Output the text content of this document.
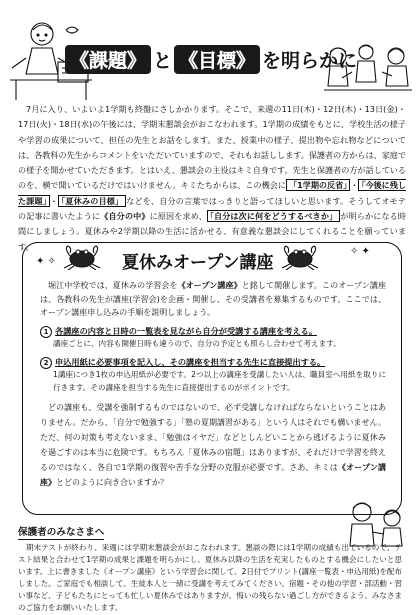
《課題》 と 《目標》 を明らかに

7月に入り、いよいよ1学期も終盤にさしかかります。そこで、来週の11日(木)・12日(木)・13日(金)・17日(火)・18日(水)の午後には、学期末懇談会がおこなわれます。1学期の成績をもとに、学校生活の様子や学習の成果について、担任の先生とお話をします。また、授業中の様子、提出物や忘れ物などについては、各教科の先生からコメントをいただいていますので、それもお話しします。保護者の方からは、家庭での様子を聞かせていただきます。とはいえ、懇談会の主役はキミ自身です。先生と保護者の方が話しているのを、横で聞いているだけではいけません。キミたちからは、この機会に 「1学期の反省」 ・ 「今後に残した課題」 ・ 「夏休みの目標」 などを、自分の言葉ではっきりと語ってほしいと思います。そうしてオモテの記事に書いたように《自分の中》に原因を求め、 「自分は次に何をどうするべきか」 が明らかになる時間にしましょう。夏休みや2学期以降の生活に活かせる、有意義な懇談会にしてくれることを願っています。

✦ ✧	夏休みオープン講座
✧ ✦

堀江中学校では、夏休みの学習会を《オープン講座》と銘して開催します。このオープン講座は、各教科の先生が講座(学習会)を企画・開催し、その受講者を募集するものです。ここでは、オープン講座申し込みの手順を説明しましょう。

1 各講座の内容と日時の一覧表を見ながら自分が受講する講座を考える。
講座ごとに、内容も開催日時も違うので、自分の予定とも照らし合わせて考えます。
2 申込用紙に必要事項を記入し、その講座を担当する先生に直接提出する。
1講座につき1枚の申込用紙が必要です。2つ以上の講座を受講したい人は、職員室へ用紙を取りに行きます。その講座を担当する先生に直接提出するのがポイントです。

どの講座も、受講を強制するものではないので、必ず受講しなければならないということはありません。だから、「自分で勉強する」「塾の夏期講習がある」という人はそれでも構いません。ただ、何の対策も考えないまま、「勉強はイヤだ」などとしんどいことから逃げるように夏休みを過ごすのは本当に危険です。もちろん「夏休みの宿題」はありますが、それだけで学習を終えるのではなく、各自で1学期の復習や苦手な分野の克服が必要です。さあ、キミは《オープン講座》とどのように向き合いますか？

保護者のみなさまへ

期末テストが終わり、来週には学期末懇談会がおこなわれます。懇談の際には1学期の成績も出ているので、テスト結果と合わせて1学期の成果と課題を明らかにし、夏休み以降の生活を充実したものとする機会にしたいと思います。上に書きました《オープン講座》という学習会に関して、2日付でプリント(講座一覧表・申込用紙)を配布しました。ご家庭でも相談して、生徒本人と一緒に受講を考えてみてください。宿題・その他の学習・部活動・習い事など、子どもたちにとっても忙しい夏休みではありますが、悔いの残らない過ごし方ができるよう、みなさまのご協力をお願いいたします。
